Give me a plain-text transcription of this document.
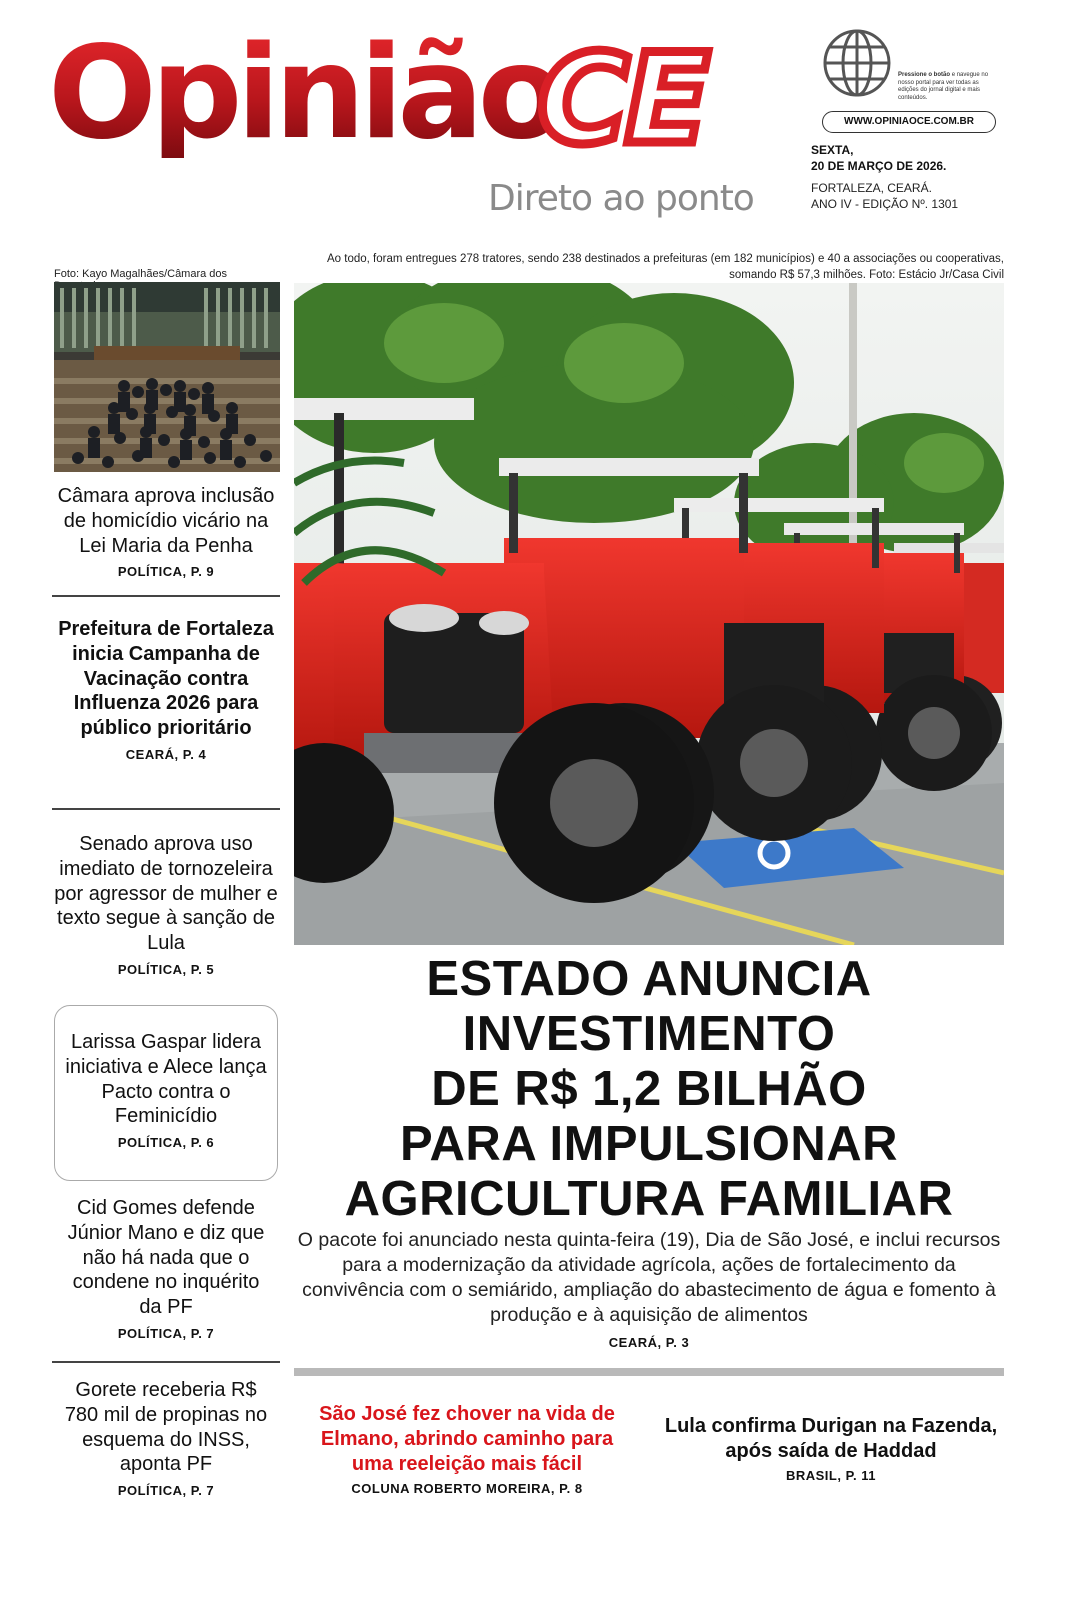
Opinião
CE
Direto ao ponto
Pressione o botão e navegue no nosso portal para ver todas as edições do jornal digital e mais conteúdos.
WWW.OPINIAOCE.COM.BR
SEXTA,
20 DE MARÇO DE 2026.
FORTALEZA, CEARÁ.
ANO IV - EDIÇÃO Nº. 1301
Foto: Kayo Magalhães/Câmara dos
Câmara aprova inclusão de homicídio vicário na Lei Maria da Penha
POLÍTICA, P. 9
Prefeitura de Fortaleza inicia Campanha de Vacinação contra Influenza 2026 para público prioritário
CEARÁ, P. 4
Senado aprova uso imediato de tornozeleira por agressor de mulher e texto segue à sanção de Lula
POLÍTICA, P. 5
Larissa Gaspar lidera iniciativa e Alece lança Pacto contra o Feminicídio
POLÍTICA, P. 6
Cid Gomes defende Júnior Mano e diz que não há nada que o condene no inquérito da PF
POLÍTICA, P. 7
Gorete receberia R$ 780 mil de propinas no esquema do INSS, aponta PF
POLÍTICA, P. 7
Ao todo, foram entregues 278 tratores, sendo 238 destinados a prefeituras (em 182 municípios) e 40 a associações ou cooperativas, somando R$ 57,3 milhões. Foto: Estácio Jr/Casa Civil
ESTADO ANUNCIA
INVESTIMENTO
DE R$ 1,2 BILHÃO
PARA IMPULSIONAR
AGRICULTURA FAMILIAR
O pacote foi anunciado nesta quinta-feira (19), Dia de São José, e inclui recursos para a modernização da atividade agrícola, ações de fortalecimento da convivência com o semiárido, ampliação do abastecimento de água e fomento à produção e à aquisição de alimentos
CEARÁ, P. 3
São José fez chover na vida de Elmano, abrindo caminho para uma reeleição mais fácil
COLUNA ROBERTO MOREIRA, P. 8
Lula confirma Durigan na Fazenda, após saída de Haddad
BRASIL, P. 11
